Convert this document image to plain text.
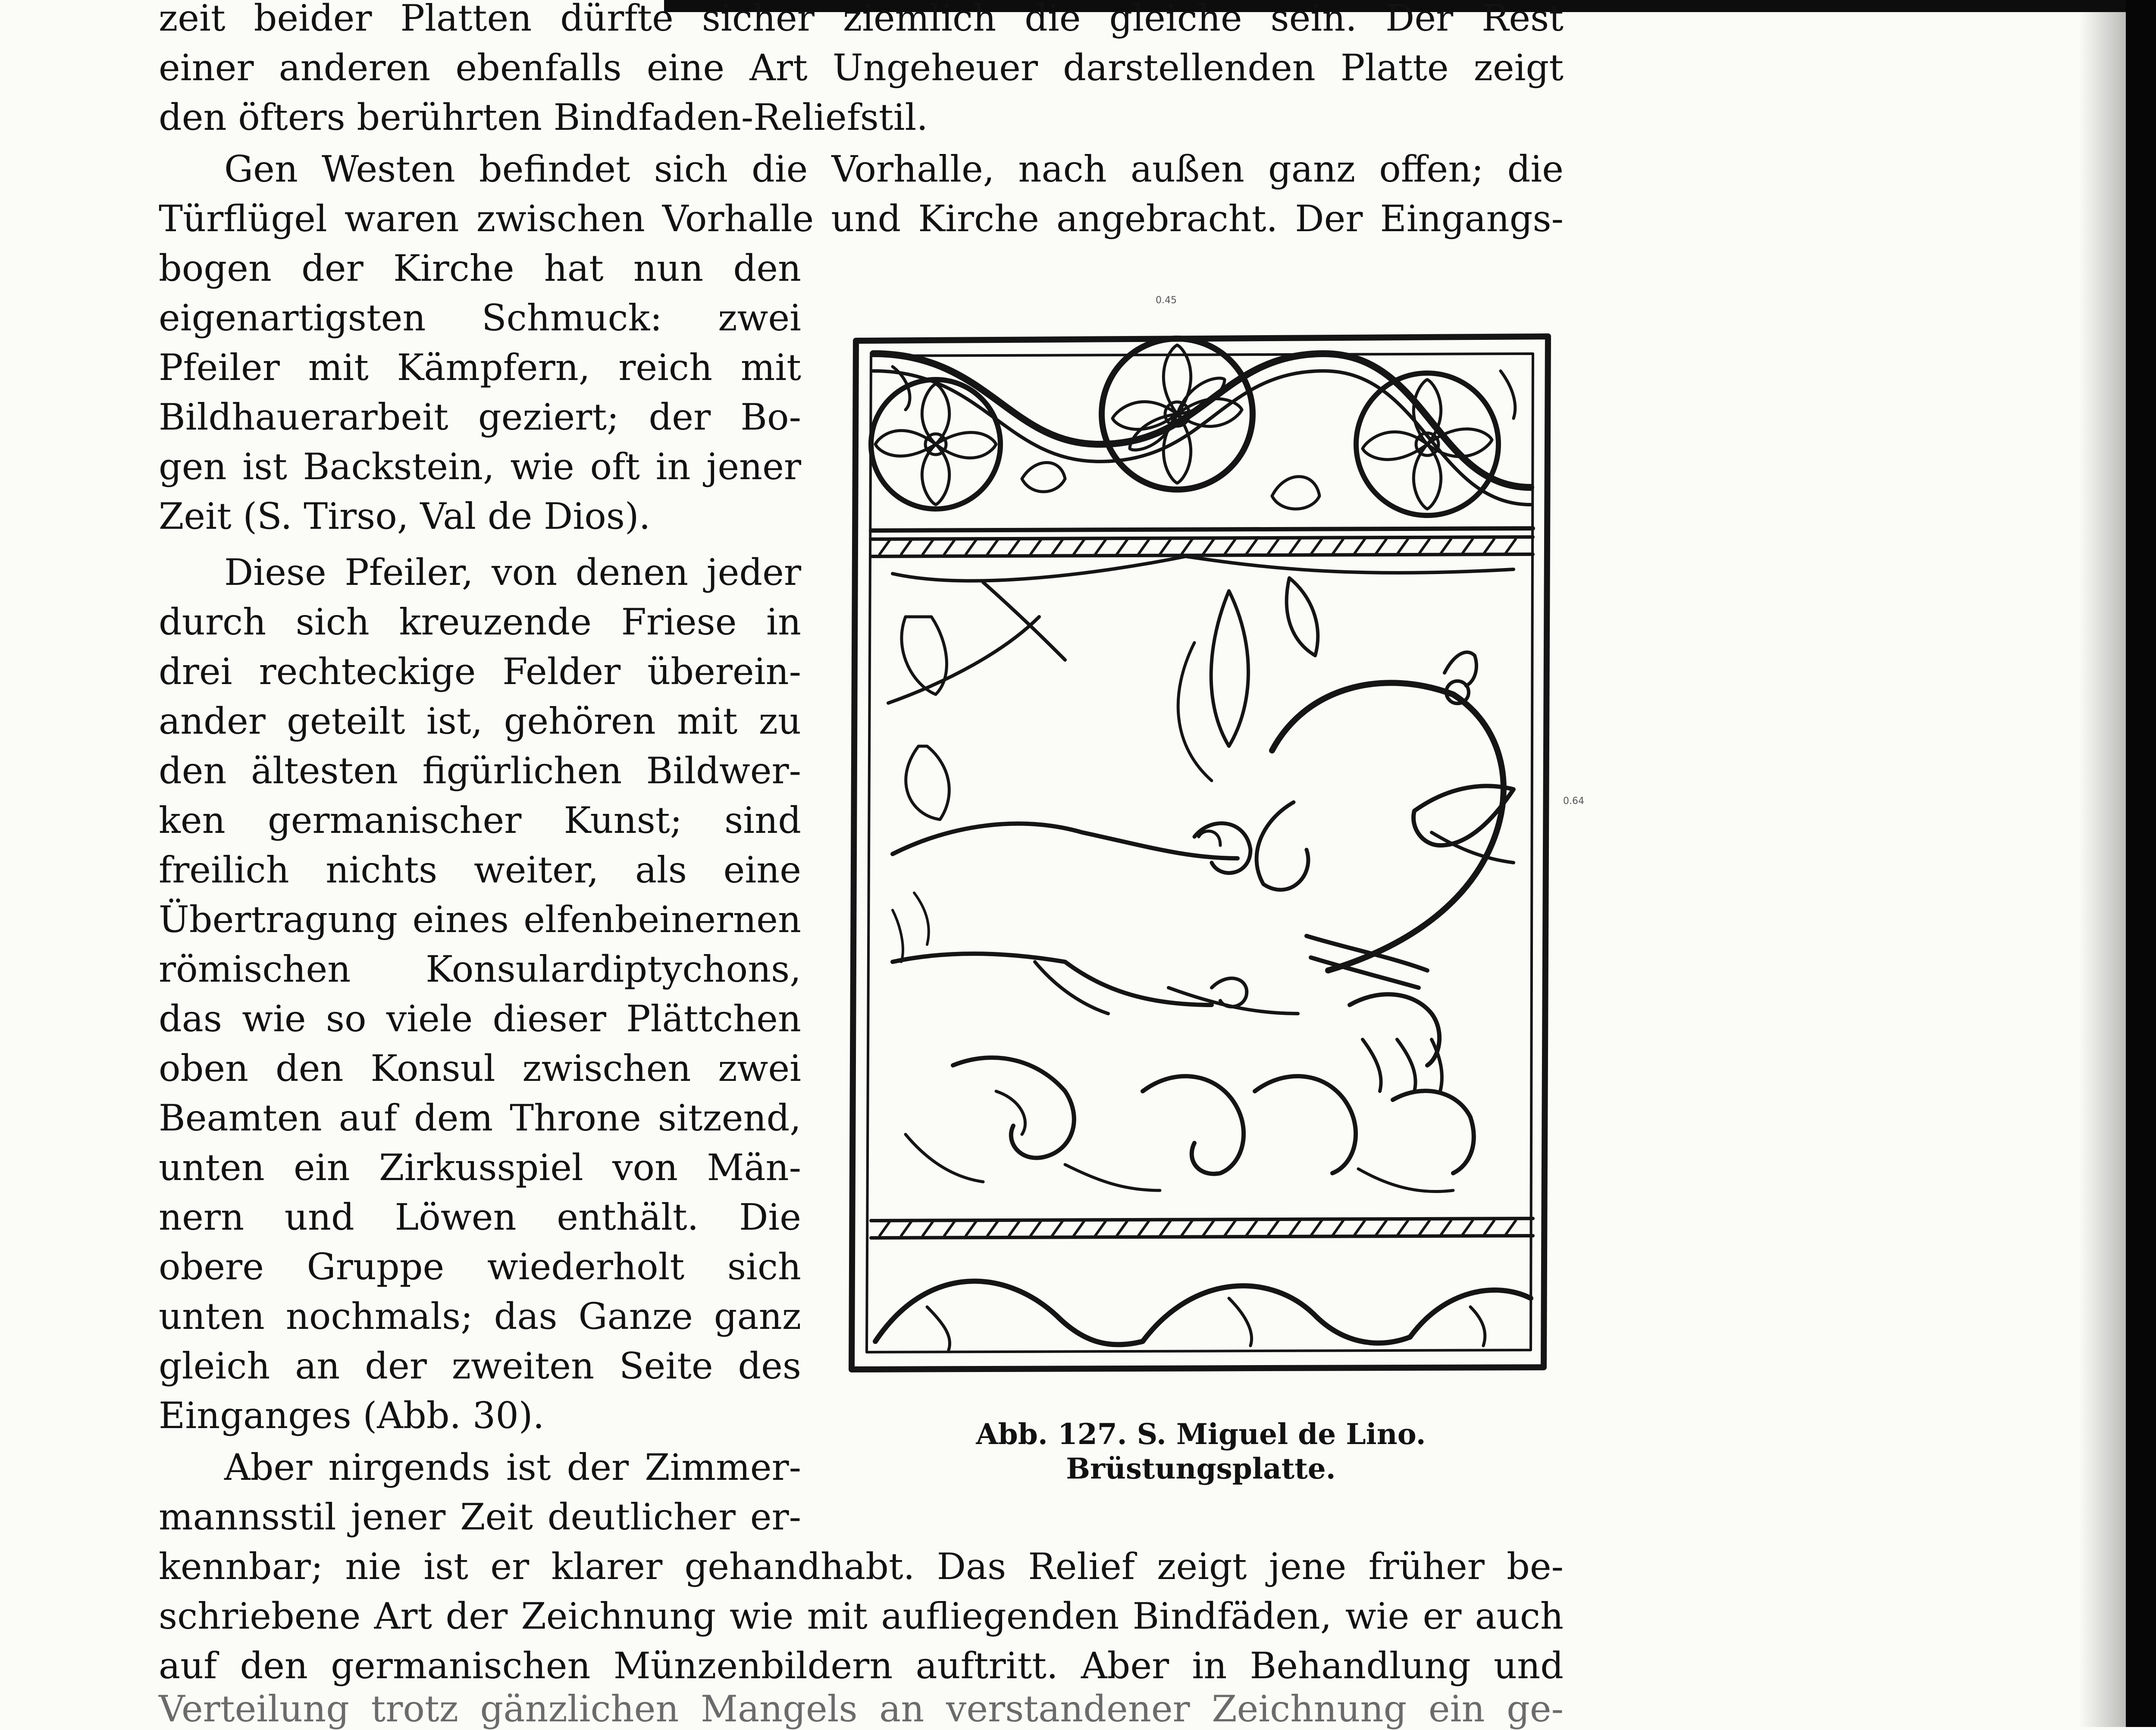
zeit beider Platten dürfte sicher ziemlich die gleiche sein. Der Rest

einer anderen ebenfalls eine Art Ungeheuer darstellenden Platte zeigt

den öfters berührten Bindfaden-Reliefstil.

Gen Westen befindet sich die Vorhalle, nach außen ganz offen; die

Türflügel waren zwischen Vorhalle und Kirche angebracht. Der Eingangs-

bogen der Kirche hat nun den

eigenartigsten Schmuck: zwei

Pfeiler mit Kämpfern, reich mit

Bildhauerarbeit geziert; der Bo-

gen ist Backstein, wie oft in jener

Zeit (S. Tirso, Val de Dios).

Diese Pfeiler, von denen jeder

durch sich kreuzende Friese in

drei rechteckige Felder überein-

ander geteilt ist, gehören mit zu

den ältesten figürlichen Bildwer-

ken germanischer Kunst; sind

freilich nichts weiter, als eine

Übertragung eines elfenbeinernen

römischen Konsulardiptychons,

das wie so viele dieser Plättchen

oben den Konsul zwischen zwei

Beamten auf dem Throne sitzend,

unten ein Zirkusspiel von Män-

nern und Löwen enthält. Die

obere Gruppe wiederholt sich

unten nochmals; das Ganze ganz

gleich an der zweiten Seite des

Einganges (Abb. 30).

Aber nirgends ist der Zimmer-

mannsstil jener Zeit deutlicher er-

kennbar; nie ist er klarer gehandhabt. Das Relief zeigt jene früher be-

schriebene Art der Zeichnung wie mit aufliegenden Bindfäden, wie er auch

auf den germanischen Münzenbildern auftritt. Aber in Behandlung und

Verteilung trotz gänzlichen Mangels an verstandener Zeichnung ein ge-

0.45
0.64

Abb. 127. S. Miguel de Lino.

Brüstungsplatte.
